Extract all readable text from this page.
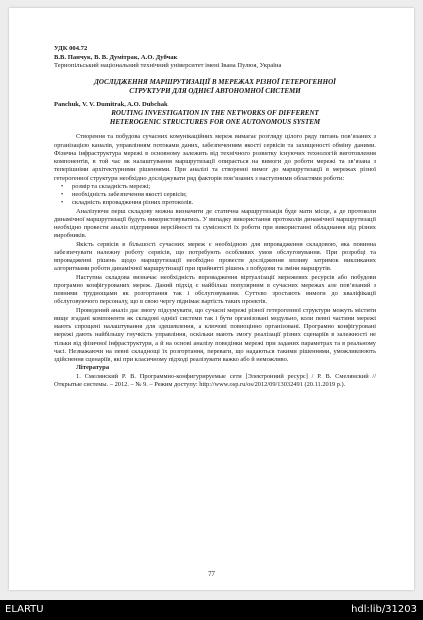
УДК 004.72
В.В. Панчук, В. В. Думітрак, А.О. Дубчак
Тернопільський національний технічний університет імені Івана Пулюя, Україна
ДОСЛІДЖЕННЯ МАРШРУТИЗАЦІЇ В МЕРЕЖАХ РІЗНОЇ ГЕТЕРОГЕННОЇ
СТРУКТУРИ ДЛЯ ОДНІЄЇ АВТОНОМНОЇ СИСТЕМИ
Panchuk, V. V. Dumitrak, A.O. Dubchak
ROUTING INVESTIGATION IN THE NETWORKS OF DIFFERENT
HETEROGENIC STRUCTURES FOR ONE AUTONOMOUS SYSTEM

Створення та побудова сучасних комунікаційних мереж вимагає розгляду цілого ряду питань пов’язаних з організацією каналів, управлінням потоками даних, забезпеченням якості сервісів та захищеності обміну даними. Фізична інфраструктура мережі в основному залежить від технічного розвитку існуючих технологій виготовлення компонентів, в той час як налаштування маршрутизації опирається на вимоги до роботи мережі та зв’язана з теперішніми архітектурними рішеннями. При аналізі та створенні вимог до маршрутизації в мережах різної гетерогенної структури необхідно досліджувати ряд факторів пов’язаних з наступними областями роботи:

• розмір та складність мережі;
• необхідність забезпечення якості сервісів;
• складність впровадження різних протоколів.

Аналізуючи перш складову можна визначити де статична маршрутизація буде мати місце, а де протоколи динамічної маршрутизації будуть використовуватись. У випадку використання протоколів динамічної маршрутизації необхідно провести аналіз підтримки версійності та сумісності їх роботи при використанні обладнання від різних виробників.

Якість сервісів в більшості сучасних мереж є необхідною для впровадження складовою, яка повинна забезпечувати належну роботу сервісів, що потребують особливих умов обслуговування. При розробці та впровадженні рішень щодо маршрутизації необхідно провести дослідження впливу затримок викликаних алгоритмами роботи динамічної маршрутизації при прийнятті рішень з побудови та зміни маршрутів.

Наступна складова визначає необхідність впровадження віртуалізації мережевих ресурсів або побудови програмно конфігурованих мереж. Даний підхід є найбільш популярним в сучасних мережах але пов’язаний з певними труднощами як розгортання так і обслуговування. Суттєво зростають вимоги до кваліфікації обслуговуючого персоналу, що в свою чергу піднімає вартість таких проектів.

Проведений аналіз дає змогу підсумувати, що сучасні мережі різної гетерогенної структури можуть містити вище згадані компоненти як складові однієї системи так і бути організовані модульно, коли певні частини мережі мають спрощені налаштування для здешевлення, а ключові повноцінно організовані. Програмно конфігуровані мережі дають найбільшу гнучкість управління, оскільки мають змогу реалізації різних сценаріїв в залежності не тільки від фізичної інфраструктури, а й на основі аналізу поведінки мережі при заданих параметрах та в реальному часі. Незважаючи на певні складнощі їх розгортання, переваги, що надаються такими рішеннями, уможливлюють здійснення сценаріїв, які при класичному підході реалізувати важко або й неможливо.

Література

1. Смелянский Р. В. Программно-конфигурируемые сети [Электронний ресурс] / Р. В. Смелянский // Открытые системы. – 2012. – № 9. – Режим доступу: http://www.osp.ru/os/2012/09/13032491 (20.11.2019 р.).

77
ELARTU	hdl:lib/31203
